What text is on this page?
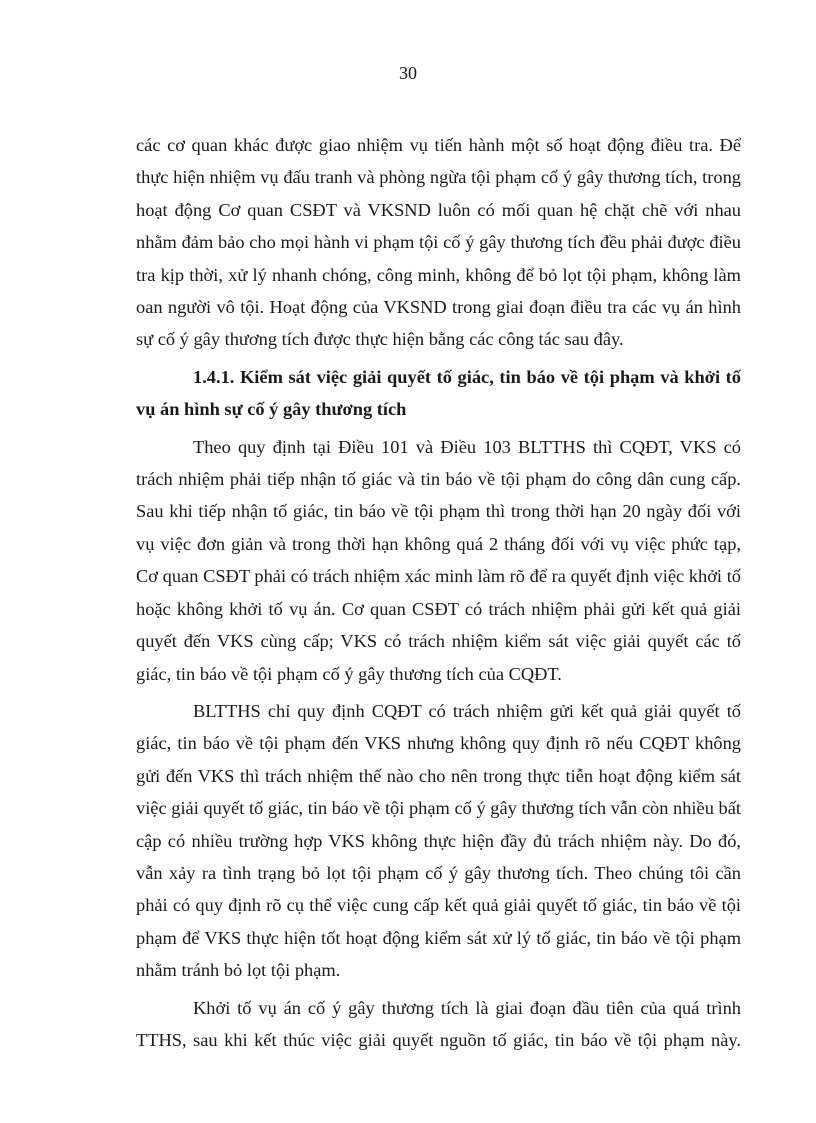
30

các cơ quan khác được giao nhiệm vụ tiến hành một số hoạt động điều tra. Để thực hiện nhiệm vụ đấu tranh và phòng ngừa tội phạm cố ý gây thương tích, trong hoạt động Cơ quan CSĐT và VKSND luôn có mối quan hệ chặt chẽ với nhau nhằm đảm bảo cho mọi hành vi phạm tội cố ý gây thương tích đều phải được điều tra kịp thời, xử lý nhanh chóng, công minh, không để bỏ lọt tội phạm, không làm oan người vô tội. Hoạt động của VKSND trong giai đoạn điều tra các vụ án hình sự cố ý gây thương tích được thực hiện bằng các công tác sau đây.

1.4.1. Kiểm sát việc giải quyết tố giác, tin báo về tội phạm và khởi tố vụ án hình sự cố ý gây thương tích

Theo quy định tại Điều 101 và Điều 103 BLTTHS thì CQĐT, VKS có trách nhiệm phải tiếp nhận tố giác và tin báo về tội phạm do công dân cung cấp. Sau khi tiếp nhận tố giác, tin báo về tội phạm thì trong thời hạn 20 ngày đối với vụ việc đơn giản và trong thời hạn không quá 2 tháng đối với vụ việc phức tạp, Cơ quan CSĐT phải có trách nhiệm xác minh làm rõ để ra quyết định việc khởi tố hoặc không khởi tố vụ án. Cơ quan CSĐT có trách nhiệm phải gửi kết quả giải quyết đến VKS cùng cấp; VKS có trách nhiệm kiểm sát việc giải quyết các tố giác, tin báo về tội phạm cố ý gây thương tích của CQĐT.

BLTTHS chỉ quy định CQĐT có trách nhiệm gửi kết quả giải quyết tố giác, tin báo về tội phạm đến VKS nhưng không quy định rõ nếu CQĐT không gửi đến VKS thì trách nhiệm thế nào cho nên trong thực tiễn hoạt động kiểm sát việc giải quyết tố giác, tin báo về tội phạm cố ý gây thương tích vẫn còn nhiều bất cập có nhiều trường hợp VKS không thực hiện đầy đủ trách nhiệm này. Do đó, vẫn xảy ra tình trạng bỏ lọt tội phạm cố ý gây thương tích. Theo chúng tôi cần phải có quy định rõ cụ thể việc cung cấp kết quả giải quyết tố giác, tin báo về tội phạm để VKS thực hiện tốt hoạt động kiểm sát xử lý tố giác, tin báo về tội phạm nhằm tránh bỏ lọt tội phạm.

Khởi tố vụ án cố ý gây thương tích là giai đoạn đầu tiên của quá trình TTHS, sau khi kết thúc việc giải quyết nguồn tố giác, tin báo về tội phạm này.
